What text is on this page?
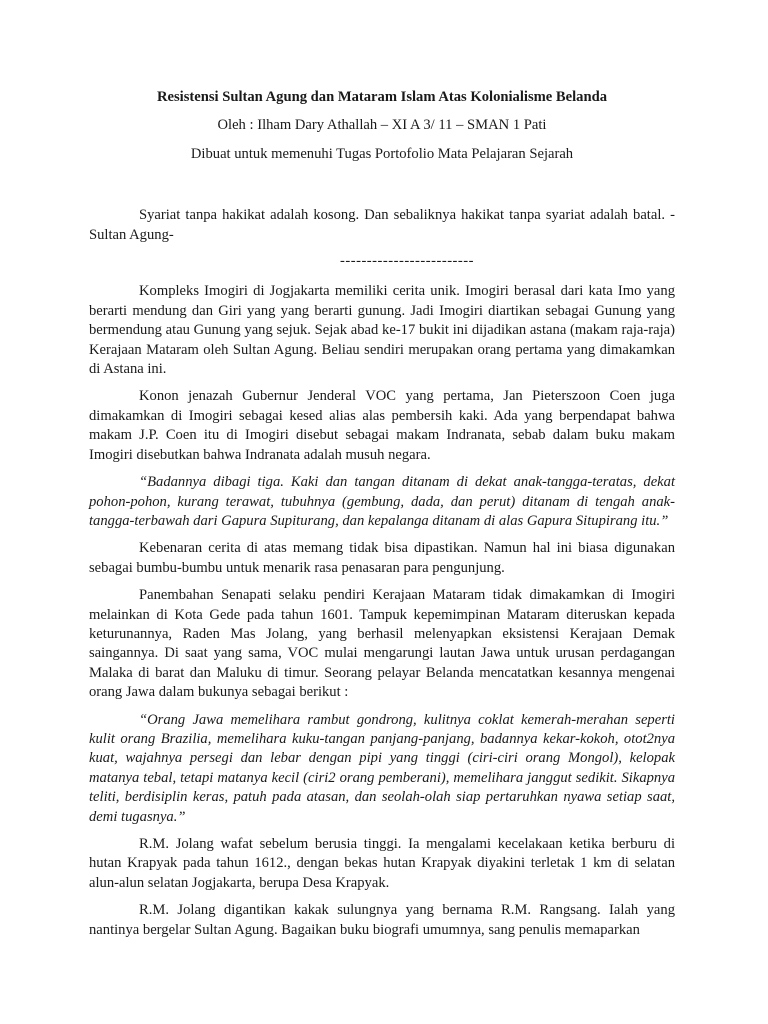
Resistensi Sultan Agung dan Mataram Islam Atas Kolonialisme Belanda
Oleh : Ilham Dary Athallah – XI A 3/ 11 – SMAN 1 Pati
Dibuat untuk memenuhi Tugas Portofolio Mata Pelajaran Sejarah

Syariat tanpa hakikat adalah kosong. Dan sebaliknya hakikat tanpa syariat adalah batal. -Sultan Agung-

-------------------------

Kompleks Imogiri di Jogjakarta memiliki cerita unik. Imogiri berasal dari kata Imo yang berarti mendung dan Giri yang yang berarti gunung. Jadi Imogiri diartikan sebagai Gunung yang bermendung atau Gunung yang sejuk. Sejak abad ke-17 bukit ini dijadikan astana (makam raja-raja) Kerajaan Mataram oleh Sultan Agung. Beliau sendiri merupakan orang pertama yang dimakamkan di Astana ini.

Konon jenazah Gubernur Jenderal VOC yang pertama, Jan Pieterszoon Coen juga dimakamkan di Imogiri sebagai kesed alias alas pembersih kaki. Ada yang berpendapat bahwa makam J.P. Coen itu di Imogiri disebut sebagai makam Indranata, sebab dalam buku makam Imogiri disebutkan bahwa Indranata adalah musuh negara.

“Badannya dibagi tiga. Kaki dan tangan ditanam di dekat anak-tangga-teratas, dekat pohon-pohon, kurang terawat, tubuhnya (gembung, dada, dan perut) ditanam di tengah anak-tangga-terbawah dari Gapura Supiturang, dan kepalanga ditanam di alas Gapura Situpirang itu.”

Kebenaran cerita di atas memang tidak bisa dipastikan. Namun hal ini biasa digunakan sebagai bumbu-bumbu untuk menarik rasa penasaran para pengunjung.

Panembahan Senapati selaku pendiri Kerajaan Mataram tidak dimakamkan di Imogiri melainkan di Kota Gede pada tahun 1601. Tampuk kepemimpinan Mataram diteruskan kepada keturunannya, Raden Mas Jolang, yang berhasil melenyapkan eksistensi Kerajaan Demak saingannya. Di saat yang sama, VOC mulai mengarungi lautan Jawa untuk urusan perdagangan Malaka di barat dan Maluku di timur. Seorang pelayar Belanda mencatatkan kesannya mengenai orang Jawa dalam bukunya sebagai berikut :

“Orang Jawa memelihara rambut gondrong, kulitnya coklat kemerah-merahan seperti kulit orang Brazilia, memelihara kuku-tangan panjang-panjang, badannya kekar-kokoh, otot2nya kuat, wajahnya persegi dan lebar dengan pipi yang tinggi (ciri-ciri orang Mongol), kelopak matanya tebal, tetapi matanya kecil (ciri2 orang pemberani), memelihara janggut sedikit. Sikapnya teliti, berdisiplin keras, patuh pada atasan, dan seolah-olah siap pertaruhkan nyawa setiap saat, demi tugasnya.”

R.M. Jolang wafat sebelum berusia tinggi. Ia mengalami kecelakaan ketika berburu di hutan Krapyak pada tahun 1612., dengan bekas hutan Krapyak diyakini terletak 1 km di selatan alun-alun selatan Jogjakarta, berupa Desa Krapyak.

R.M. Jolang digantikan kakak sulungnya yang bernama R.M. Rangsang. Ialah yang nantinya bergelar Sultan Agung. Bagaikan buku biografi umumnya, sang penulis memaparkan
